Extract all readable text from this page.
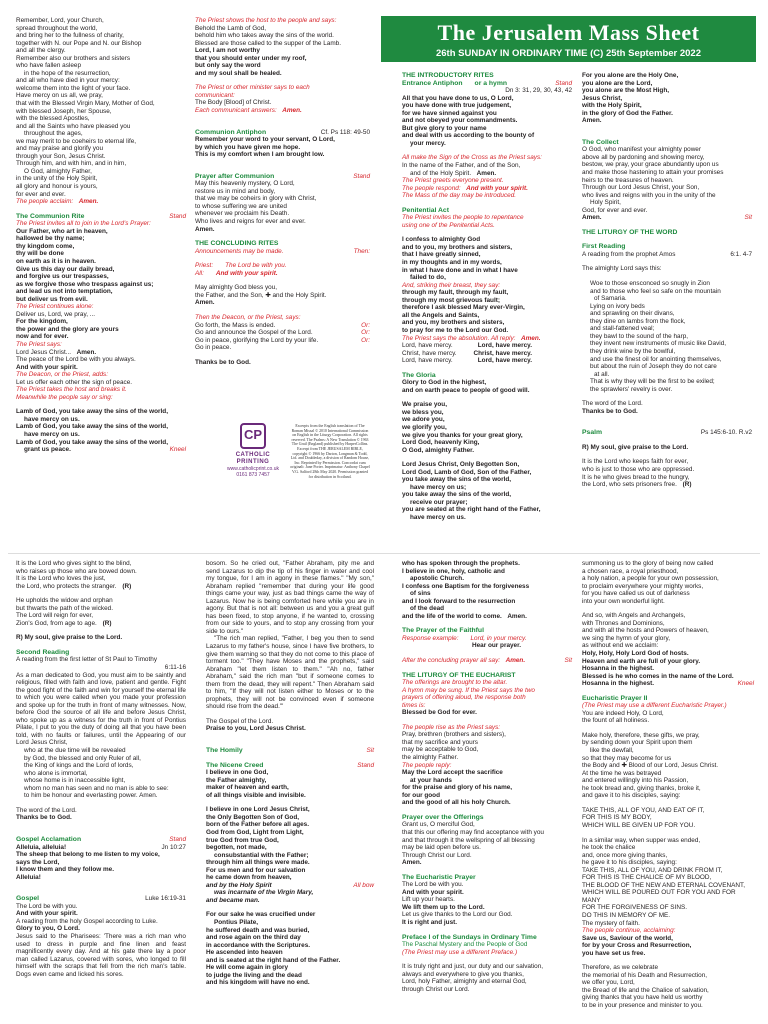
The Jerusalem Mass Sheet
26th SUNDAY IN ORDINARY TIME (C) 25th September 2022
Remember, Lord, your Church,
spread throughout the world,
and bring her to the fullness of charity,
together with N. our Pope and N. our Bishop
and all the clergy.
Remember also our brothers and sisters
who have fallen asleep
in the hope of the resurrection,
and all who have died in your mercy:
welcome them into the light of your face.
Have mercy on us all, we pray,
that with the Blessed Virgin Mary, Mother of God,
with blessed Joseph, her Spouse,
with the blessed Apostles,
and all the Saints who have pleased you
throughout the ages,
we may merit to be coeheirs to eternal life,
and may praise and glorify you
through your Son, Jesus Christ.
Through him, and with him, and in him,
O God, almighty Father,
in the unity of the Holy Spirit,
all glory and honour is yours,
for ever and ever.
The people acclaim: Amen.
The Communion Rite	Stand
The Priest invites all to join in the Lord's Prayer:
Our Father, who art in heaven,
hallowed be thy name;
thy kingdom come,
thy will be done
on earth as it is in heaven.
Give us this day our daily bread,
and forgive us our trespasses,
as we forgive those who trespass against us;
and lead us not into temptation,
but deliver us from evil.
The Priest continues alone:
Deliver us, Lord, we pray, ...
For the kingdom,
the power and the glory are yours
now and for ever.
The Priest says:
Lord Jesus Christ... Amen.
The peace of the Lord be with you always.
And with your spirit.
The Deacon, or the Priest, adds:
Let us offer each other the sign of peace.
The Priest takes the host and breaks it.
Meanwhile the people say or sing:
Lamb of God, you take away the sins of the world,
have mercy on us.
Lamb of God, you take away the sins of the world,
have mercy on us.
Lamb of God, you take away the sins of the world,
grant us peace.	Kneel
The Priest shows the host to the people and says:
Behold the Lamb of God,
behold him who takes away the sins of the world.
Blessed are those called to the supper of the Lamb.
Lord, I am not worthy
that you should enter under my roof,
but only say the word
and my soul shall be healed.
The Priest or other minister says to each
communicant:
The Body [Blood] of Christ.
Each communicant answers: Amen.
Communion Antiphon	Cf. Ps 118: 49-50
Remember your word to your servant, O Lord,
by which you have given me hope.
This is my comfort when I am brought low.
Prayer after Communion	Stand
May this heavenly mystery, O Lord,
restore us in mind and body,
that we may be coheirs in glory with Christ,
to whose suffering we are united
whenever we proclaim his Death.
Who lives and reigns for ever and ever.
Amen.
THE CONCLUDING RITES
Announcements may be made.	Then:
Priest: The Lord be with you.
All: And with your spirit.
May almighty God bless you,
the Father, and the Son, ✚ and the Holy Spirit.
Amen.
Then the Deacon, or the Priest, says:
Go forth, the Mass is ended.	Or:
Go and announce the Gospel of the Lord.	Or:
Go in peace, glorifying the Lord by your life.	Or:
Go in peace.
Thanks be to God.
THE INTRODUCTORY RITES
Entrance Antiphon or a hymn	Stand
Dn 3: 31, 29, 30, 43, 42
All that you have done to us, O Lord,
you have done with true judgement,
for we have sinned against you
and not obeyed your commandments.
But give glory to your name
and deal with us according to the bounty of
your mercy.
All make the Sign of the Cross as the Priest says:
In the name of the Father, and of the Son,
and of the Holy Spirit. Amen.
The Priest greets everyone present.
The people respond: And with your spirit.
The Mass of the day may be introduced.
Penitential Act
The Priest invites the people to repentance
using one of the Penitential Acts.
I confess to almighty God
and to you, my brothers and sisters,
that I have greatly sinned,
in my thoughts and in my words,
in what I have done and in what I have
failed to do,
And, striking their breast, they say:
through my fault, through my fault,
through my most grievous fault;
therefore I ask blessed Mary ever-Virgin,
all the Angels and Saints,
and you, my brothers and sisters,
to pray for me to the Lord our God.
The Priest says the absolution. All reply: Amen.
Lord, have mercy.	Lord, have mercy.
Christ, have mercy.	Christ, have mercy.
Lord, have mercy.	Lord, have mercy.
The Gloria
Glory to God in the highest,
and on earth peace to people of good will.
We praise you,
we bless you,
we adore you,
we glorify you,
we give you thanks for your great glory,
Lord God, heavenly King,
O God, almighty Father.
Lord Jesus Christ, Only Begotten Son,
Lord God, Lamb of God, Son of the Father,
you take away the sins of the world,
have mercy on us;
you take away the sins of the world,
receive our prayer;
you are seated at the right hand of the Father,
have mercy on us.
For you alone are the Holy One,
you alone are the Lord,
you alone are the Most High,
Jesus Christ,
with the Holy Spirit,
in the glory of God the Father.
Amen.
The Collect
O God, who manifest your almighty power
above all by pardoning and showing mercy,
bestow, we pray, your grace abundantly upon us
and make those hastening to attain your promises
heirs to the treasures of heaven.
Through our Lord Jesus Christ, your Son,
who lives and reigns with you in the unity of the
Holy Spirit,
God, for ever and ever.
Amen.	Sit
THE LITURGY OF THE WORD
First Reading
A reading from the prophet Amos	6:1. 4-7
The almighty Lord says this:
Woe to those ensconced so snugly in Zion
and to those who feel so safe on the mountain
of Samaria.
Lying on ivory beds
and sprawling on their divans,
they dine on lambs from the flock,
and stall-fattened veal;
they bawl to the sound of the harp,
they invent new instruments of music like David,
they drink wine by the bowlful,
and use the finest oil for anointing themselves,
but about the ruin of Joseph they do not care
at all.
That is why they will be the first to be exiled;
the sprawlers' revelry is over.
The word of the Lord.
Thanks be to God.
Psalm	Ps 145:6-10. R.v2
R) My soul, give praise to the Lord.
It is the Lord who keeps faith for ever,
who is just to those who are oppressed.
It is he who gives bread to the hungry,
the Lord, who sets prisoners free. (R)
CP
CATHOLIC PRINTING
www.catholicprint.co.uk
0161 873 7457
Excerpts from the English translation of The Roman Missal © 2010 International Commission on English in the Liturgy Corporation. All rights reserved. The Psalms: A New Translation © 1963 The Grail (England) published by HarperCollins. Excerpt from THE JERUSALEM BIBLE, copyright © 1966 by Darton, Longman & Todd, Ltd. and Doubleday, a division of Random House, Inc. Reprinted by Permission. Concordat cum originali: Jane Porter. Imprimatur: Anthony Chapel V.G. Salford 28th May 2020. Permission granted for distribution in Scotland.
It is the Lord who gives sight to the blind,
who raises up those who are bowed down.
It is the Lord who loves the just,
the Lord, who protects the stranger. (R)
He upholds the widow and orphan
but thwarts the path of the wicked.
The Lord will reign for ever,
Zion's God, from age to age. (R)
R) My soul, give praise to the Lord.
Second Reading
A reading from the first letter of St Paul to Timothy
6:11-16
As a man dedicated to God, you must aim to be saintly and religious, filled with faith and love, patient and gentle. Fight the good fight of the faith and win for yourself the eternal life to which you were called when you made your profession and spoke up for the truth in front of many witnesses. Now, before God the source of all life and before Jesus Christ, who spoke up as a witness for the truth in front of Pontius Pilate, I put to you the duty of doing all that you have been told, with no faults or failures, until the Appearing of our Lord Jesus Christ,
who at the due time will be revealed
by God, the blessed and only Ruler of all,
the King of kings and the Lord of lords,
who alone is immortal,
whose home is in inaccessible light,
whom no man has seen and no man is able to see:
to him be honour and everlasting power. Amen.
The word of the Lord.
Thanks be to God.
Gospel Acclamation	Stand
Alleluia, alleluia!	Jn 10:27
The sheep that belong to me listen to my voice,
says the Lord,
I know them and they follow me.
Alleluia!
Gospel	Luke 16:19-31
The Lord be with you.
And with your spirit.
A reading from the holy Gospel according to Luke.
Glory to you, O Lord.
Jesus said to the Pharisees: 'There was a rich man who used to dress in purple and fine linen and feast magnificently every day. And at his gate there lay a poor man called Lazarus, covered with sores, who longed to fill himself with the scraps that fell from the rich man's table. Dogs even came and licked his sores.
bosom. So he cried out, "Father Abraham, pity me and send Lazarus to dip the tip of his finger in water and cool my tongue, for I am in agony in these flames." "My son," Abraham replied "remember that during your life good things came your way, just as bad things came the way of Lazarus. Now he is being comforted here while you are in agony. But that is not all: between us and you a great gulf has been fixed, to stop anyone, if he wanted to, crossing from our side to yours, and to stop any crossing from your side to ours."
"The rich man replied, "Father, I beg you then to send Lazarus to my father's house, since I have five brothers, to give them warning so that they do not come to this place of torment too." "They have Moses and the prophets," said Abraham "let them listen to them." "Ah no, father Abraham," said the rich man "but if someone comes to them from the dead, they will repent." Then Abraham said to him, "If they will not listen either to Moses or to the prophets, they will not be convinced even if someone should rise from the dead."'
The Gospel of the Lord.
Praise to you, Lord Jesus Christ.
The Homily	Sit
The Nicene Creed	Stand
I believe in one God,
the Father almighty,
maker of heaven and earth,
of all things visible and invisible.
I believe in one Lord Jesus Christ,
the Only Begotten Son of God,
born of the Father before all ages.
God from God, Light from Light,
true God from true God,
begotten, not made,
consubstantial with the Father;
through him all things were made.
For us men and for our salvation
he came down from heaven,
and by the Holy Spirit	All bow
was incarnate of the Virgin Mary,
and became man.
For our sake he was crucified under
Pontius Pilate,
he suffered death and was buried,
and rose again on the third day
in accordance with the Scriptures.
He ascended into heaven
and is seated at the right hand of the Father.
He will come again in glory
to judge the living and the dead
and his kingdom will have no end.
who has spoken through the prophets.
I believe in one, holy, catholic and
apostolic Church.
I confess one Baptism for the forgiveness
of sins
and I look forward to the resurrection
of the dead
and the life of the world to come. Amen.
The Prayer of the Faithful
Response example: Lord, in your mercy.
Hear our prayer.
After the concluding prayer all say: Amen.	Sit
THE LITURGY OF THE EUCHARIST
The offerings are brought to the altar.
A hymn may be sung. If the Priest says the two
prayers of offering aloud, the response both
times is:
Blessed be God for ever.
The people rise as the Priest says:
Pray, brethren (brothers and sisters),
that my sacrifice and yours
may be acceptable to God,
the almighty Father.
The people reply:
May the Lord accept the sacrifice
at your hands
for the praise and glory of his name,
for our good
and the good of all his holy Church.
Prayer over the Offerings
Grant us, O merciful God,
that this our offering may find acceptance with you
and that through it the wellspring of all blessing
may be laid open before us.
Through Christ our Lord.
Amen.
The Eucharistic Prayer
The Lord be with you.
And with your spirit.
Lift up your hearts.
We lift them up to the Lord.
Let us give thanks to the Lord our God.
It is right and just.
Preface I of the Sundays in Ordinary Time
The Paschal Mystery and the People of God
(The Priest may use a different Preface.)
It is truly right and just, our duty and our salvation,
always and everywhere to give you thanks,
Lord, holy Father, almighty and eternal God,
through Christ our Lord.
summoning us to the glory of being now called
a chosen race, a royal priesthood,
a holy nation, a people for your own possession,
to proclaim everywhere your mighty works,
for you have called us out of darkness
into your own wonderful light.
And so, with Angels and Archangels,
with Thrones and Dominions,
and with all the hosts and Powers of heaven,
we sing the hymn of your glory,
as without end we acclaim:
Holy, Holy, Holy Lord God of hosts.
Heaven and earth are full of your glory.
Hosanna in the highest.
Blessed is he who comes in the name of the Lord.
Hosanna in the highest.	Kneel
Eucharistic Prayer II
(The Priest may use a different Eucharistic Prayer.)
You are indeed Holy, O Lord,
the fount of all holiness.
Make holy, therefore, these gifts, we pray,
by sending down your Spirit upon them
like the dewfall,
so that they may become for us
the Body and ✚ Blood of our Lord, Jesus Christ.
At the time he was betrayed
and entered willingly into his Passion,
he took bread and, giving thanks, broke it,
and gave it to his disciples, saying:
TAKE THIS, ALL OF YOU, AND EAT OF IT,
FOR THIS IS MY BODY,
WHICH WILL BE GIVEN UP FOR YOU.
In a similar way, when supper was ended,
he took the chalice
and, once more giving thanks,
he gave it to his disciples, saying:
TAKE THIS, ALL OF YOU, AND DRINK FROM IT,
FOR THIS IS THE CHALICE OF MY BLOOD,
THE BLOOD OF THE NEW AND ETERNAL COVENANT,
WHICH WILL BE POURED OUT FOR YOU AND FOR MANY
FOR THE FORGIVENESS OF SINS.
DO THIS IN MEMORY OF ME.
The mystery of faith.
The people continue, acclaiming:
Save us, Saviour of the world,
for by your Cross and Resurrection,
you have set us free.
Therefore, as we celebrate
the memorial of his Death and Resurrection,
we offer you, Lord,
the Bread of life and the Chalice of salvation,
giving thanks that you have held us worthy
to be in your presence and minister to you.
